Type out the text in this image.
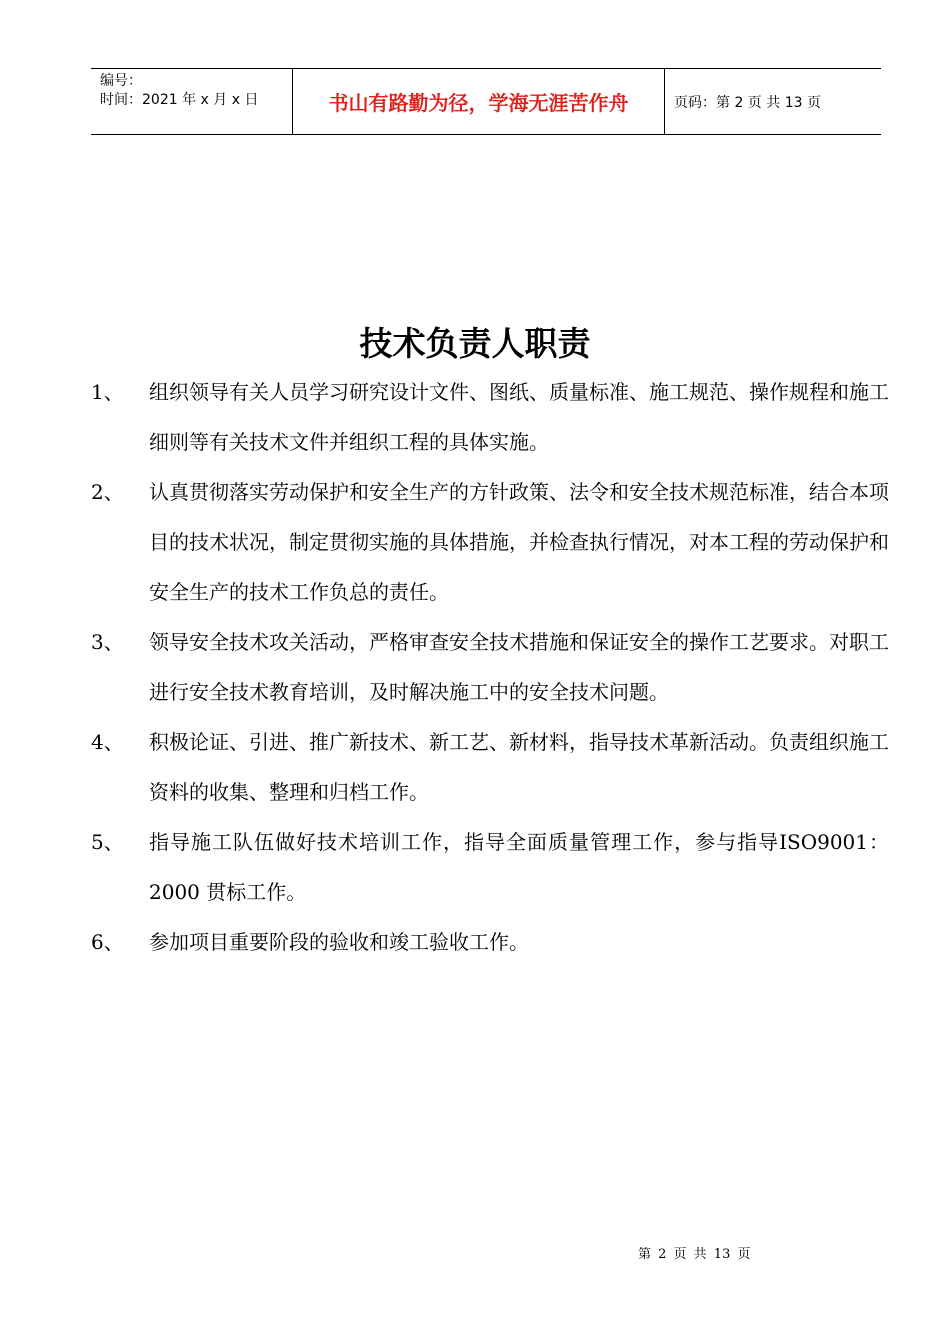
编号：
时间：2021 年 x 月 x 日	书山有路勤为径，学海无涯苦作舟	页码：第 2 页 共 13 页
技术负责人职责
1、	组织领导有关人员学习研究设计文件、图纸、质量标准、施工规范、操作规程和施工细则等有关技术文件并组织工程的具体实施。
2、	认真贯彻落实劳动保护和安全生产的方针政策、法令和安全技术规范标准，结合本项目的技术状况，制定贯彻实施的具体措施，并检查执行情况，对本工程的劳动保护和安全生产的技术工作负总的责任。
3、	领导安全技术攻关活动，严格审查安全技术措施和保证安全的操作工艺要求。对职工进行安全技术教育培训，及时解决施工中的安全技术问题。
4、	积极论证、引进、推广新技术、新工艺、新材料，指导技术革新活动。负责组织施工资料的收集、整理和归档工作。
5、	指导施工队伍做好技术培训工作，指导全面质量管理工作，参与指导ISO9001：2000 贯标工作。
6、	参加项目重要阶段的验收和竣工验收工作。
第 2 页 共 13 页
